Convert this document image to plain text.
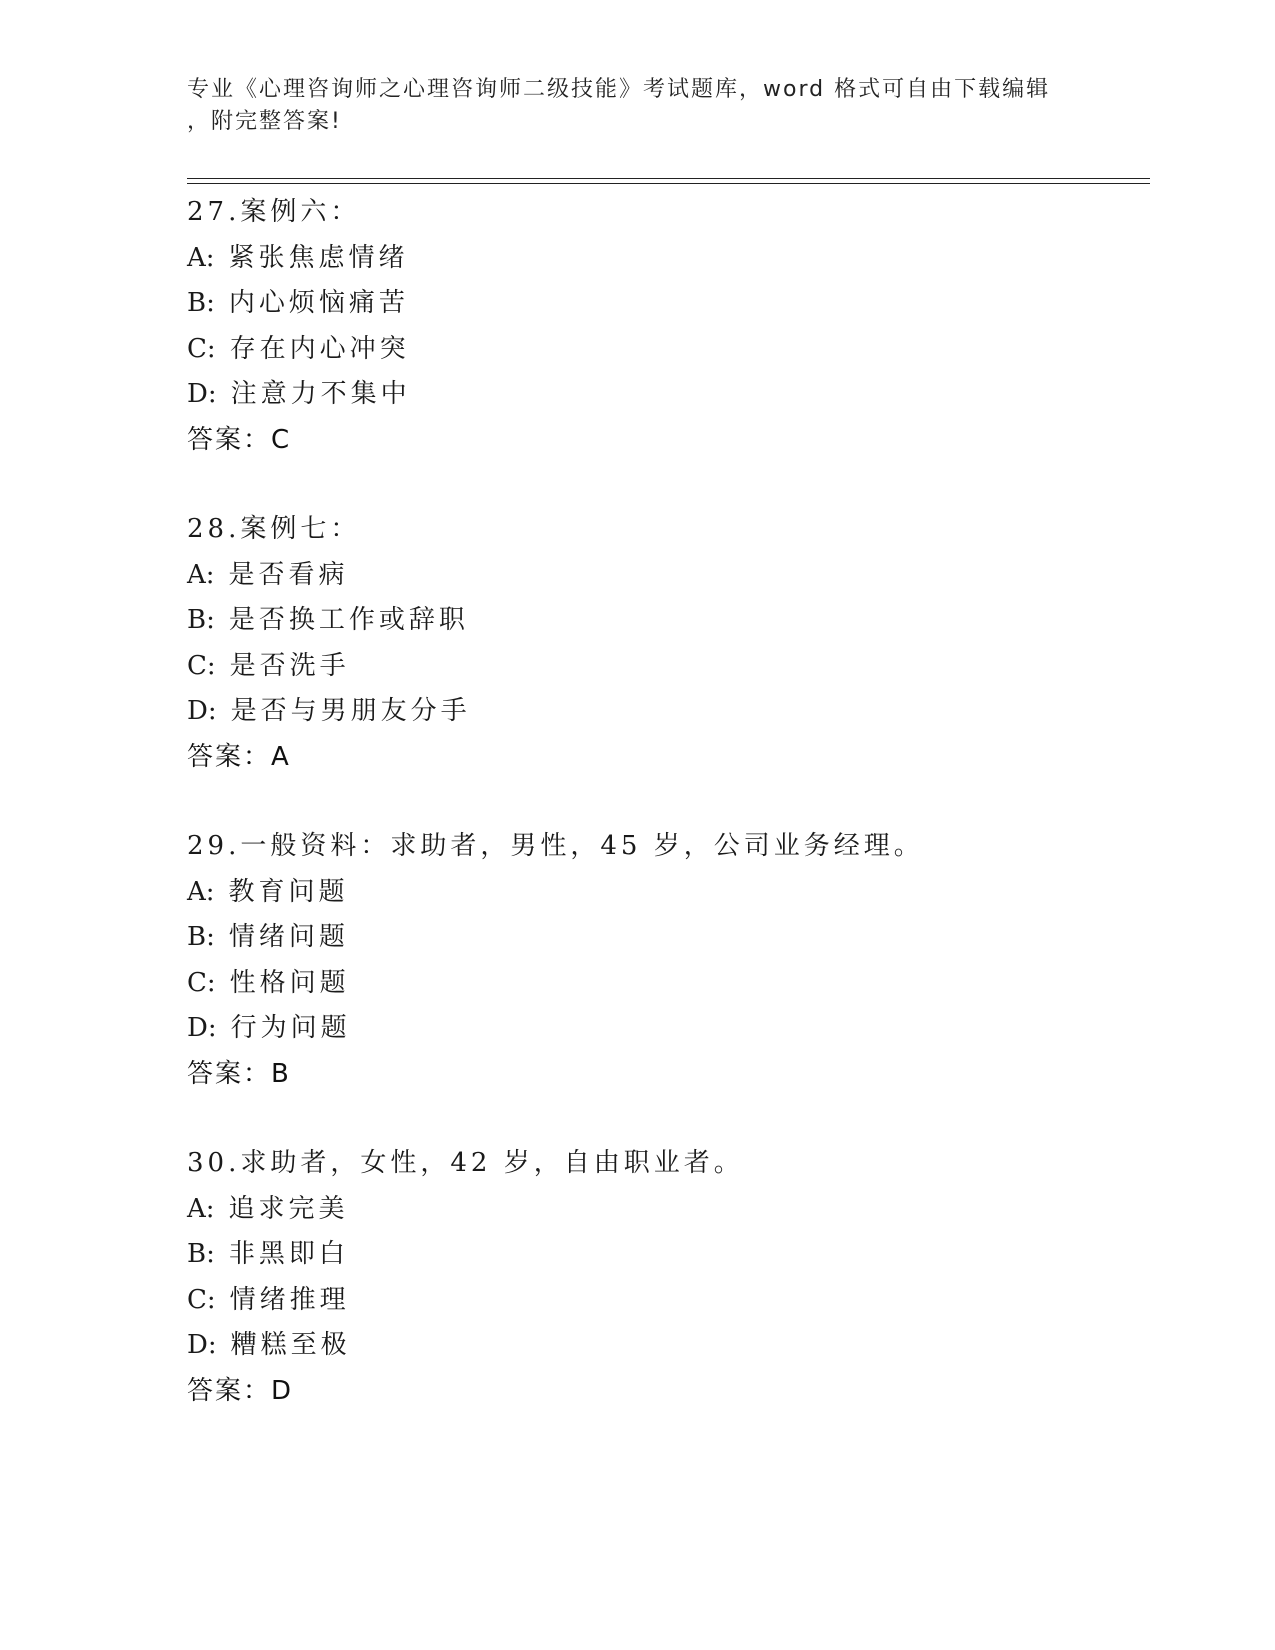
专业《心理咨询师之心理咨询师二级技能》考试题库，word 格式可自由下载编辑
，附完整答案!
27.案例六：
A: 紧张焦虑情绪
B: 内心烦恼痛苦
C: 存在内心冲突
D: 注意力不集中
答案：C
28.案例七：
A: 是否看病
B: 是否换工作或辞职
C: 是否洗手
D: 是否与男朋友分手
答案：A
29.一般资料：求助者，男性，45 岁，公司业务经理。
A: 教育问题
B: 情绪问题
C: 性格问题
D: 行为问题
答案：B
30.求助者，女性，42 岁，自由职业者。
A: 追求完美
B: 非黑即白
C: 情绪推理
D: 糟糕至极
答案：D
